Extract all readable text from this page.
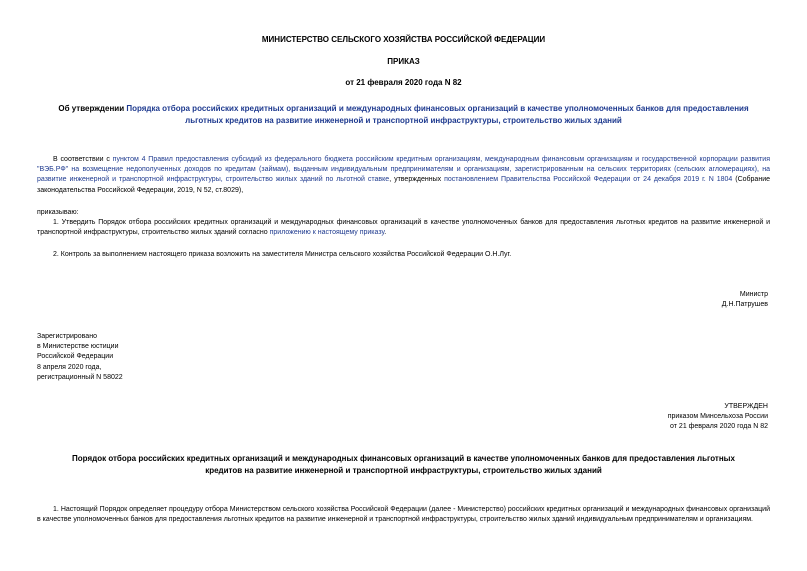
МИНИСТЕРСТВО СЕЛЬСКОГО ХОЗЯЙСТВА РОССИЙСКОЙ ФЕДЕРАЦИИ
ПРИКАЗ
от 21 февраля 2020 года N 82
Об утверждении Порядка отбора российских кредитных организаций и международных финансовых организаций в качестве уполномоченных банков для предоставления льготных кредитов на развитие инженерной и транспортной инфраструктуры, строительство жилых зданий
В соответствии с пунктом 4 Правил предоставления субсидий из федерального бюджета российским кредитным организациям, международным финансовым организациям и государственной корпорации развития "ВЭБ.РФ" на возмещение недополученных доходов по кредитам (займам), выданным индивидуальным предпринимателям и организациям, зарегистрированным на сельских территориях (сельских агломерациях), на развитие инженерной и транспортной инфраструктуры, строительство жилых зданий по льготной ставке, утвержденных постановлением Правительства Российской Федерации от 24 декабря 2019 г. N 1804 (Собрание законодательства Российской Федерации, 2019, N 52, ст.8029),
приказываю:
1. Утвердить Порядок отбора российских кредитных организаций и международных финансовых организаций в качестве уполномоченных банков для предоставления льготных кредитов на развитие инженерной и транспортной инфраструктуры, строительство жилых зданий согласно приложению к настоящему приказу.
2. Контроль за выполнением настоящего приказа возложить на заместителя Министра сельского хозяйства Российской Федерации О.Н.Луг.
Министр
Д.Н.Патрушев
Зарегистрировано
в Министерстве юстиции
Российской Федерации
8 апреля 2020 года,
регистрационный N 58022
УТВЕРЖДЕН
приказом Минсельхоза России
от 21 февраля 2020 года N 82
Порядок отбора российских кредитных организаций и международных финансовых организаций в качестве уполномоченных банков для предоставления льготных кредитов на развитие инженерной и транспортной инфраструктуры, строительство жилых зданий
1. Настоящий Порядок определяет процедуру отбора Министерством сельского хозяйства Российской Федерации (далее - Министерство) российских кредитных организаций и международных финансовых организаций в качестве уполномоченных банков для предоставления льготных кредитов на развитие инженерной и транспортной инфраструктуры, строительство жилых зданий индивидуальным предпринимателям и организациям.
